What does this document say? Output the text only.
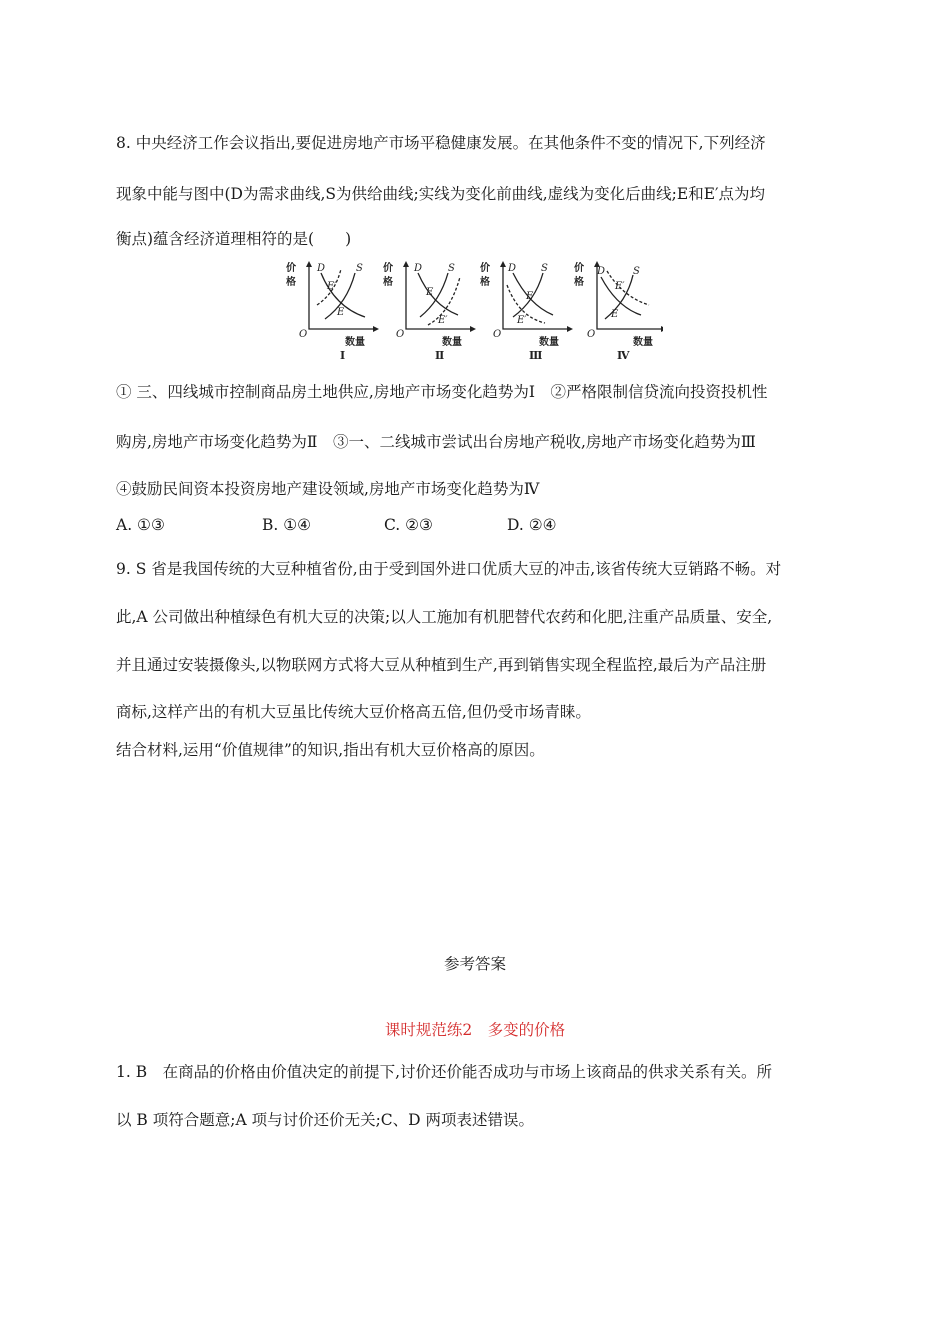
8. 中央经济工作会议指出,要促进房地产市场平稳健康发展。在其他条件不变的情况下,下列经济
现象中能与图中(D为需求曲线,S为供给曲线;实线为变化前曲线,虚线为变化后曲线;E和E′点为均
衡点)蕴含经济道理相符的是(　　)
价
格
O
数量
D	S
E′
E
Ⅰ
价
格
O
数量
D	S
E
E′
Ⅱ
价
格
O
数量
D S
E
E′
Ⅲ
价
格
O
数量
D	S
E′
E
Ⅳ
① 三、四线城市控制商品房土地供应,房地产市场变化趋势为Ⅰ　②严格限制信贷流向投资投机性
购房,房地产市场变化趋势为Ⅱ　③一、二线城市尝试出台房地产税收,房地产市场变化趋势为Ⅲ
④鼓励民间资本投资房地产建设领域,房地产市场变化趋势为Ⅳ
A. ①③	B. ①④	C. ②③	D. ②④
9. S 省是我国传统的大豆种植省份,由于受到国外进口优质大豆的冲击,该省传统大豆销路不畅。对
此,A 公司做出种植绿色有机大豆的决策;以人工施加有机肥替代农药和化肥,注重产品质量、安全,
并且通过安装摄像头,以物联网方式将大豆从种植到生产,再到销售实现全程监控,最后为产品注册
商标,这样产出的有机大豆虽比传统大豆价格高五倍,但仍受市场青睐。
结合材料,运用“价值规律”的知识,指出有机大豆价格高的原因。
参考答案
课时规范练2　多变的价格
1. B　在商品的价格由价值决定的前提下,讨价还价能否成功与市场上该商品的供求关系有关。所
以 B 项符合题意;A 项与讨价还价无关;C、D 两项表述错误。
